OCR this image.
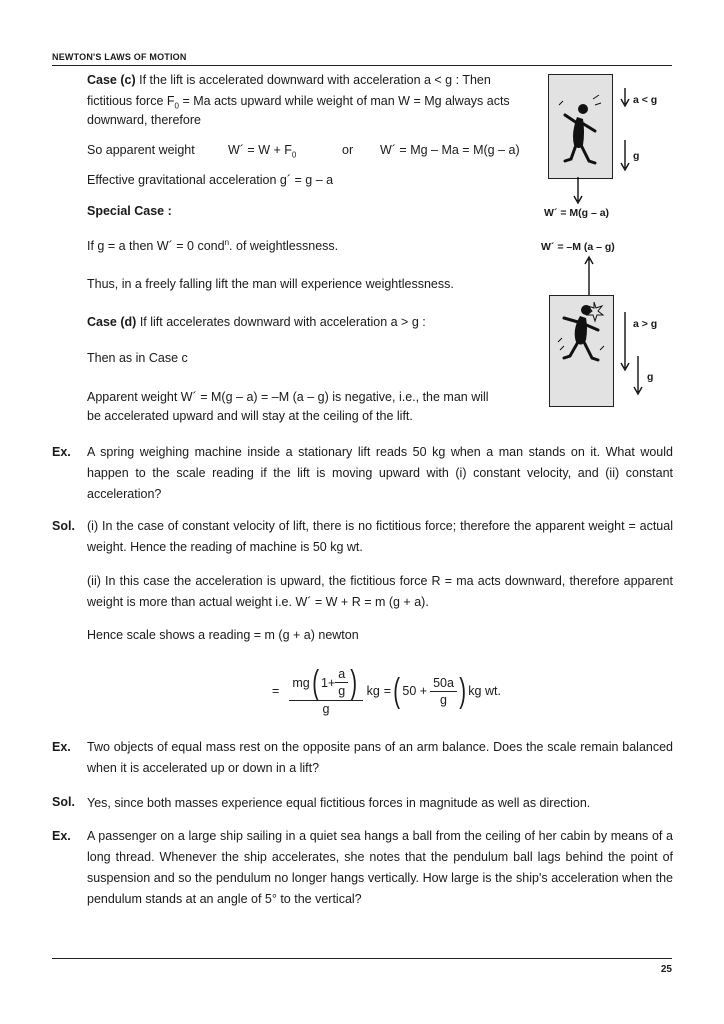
NEWTON'S LAWS OF MOTION
Case (c) If the lift is accelerated downward with acceleration a < g : Then
fictitious force $F_0 = Ma$ acts upward while weight of man W = Mg always acts
downward, therefore
So apparent weight	W´ = $W + F_0$	or W´ = Mg – Ma = M(g – a)
Effective gravitational acceleration g´ = g – a
Special Case :
If g = a then W´ = 0 cond$^n$. of weightlessness.
Thus, in a freely falling lift the man will experience weightlessness.
Case (d) If lift accelerates downward with acceleration a > g :
Then as in Case c
Apparent weight W´ = M(g – a) = –M (a – g) is negative, i.e., the man will
be accelerated upward and will stay at the ceiling of the lift.
a < g
g
W´ = M(g – a)
W´ = –M (a – g)
a > g
g
Ex. A spring weighing machine inside a stationary lift reads 50 kg when a man stands on it. What would happen to the scale reading if the lift is moving upward with (i) constant velocity, and (ii) constant acceleration?
Sol. (i) In the case of constant velocity of lift, there is no fictitious force; therefore the apparent weight = actual weight. Hence the reading of machine is 50 kg wt.
(ii) In this case the acceleration is upward, the fictitious force R = ma acts downward, therefore apparent weight is more than actual weight i.e. W´ = W + R = m (g + a).
Hence scale shows a reading = m (g + a) newton
= $\frac{mg ( 1+ \frac{a}{g} )}{g}$ kg = ( $50 + \frac{50a}{g}$ ) kg wt.
Ex. Two objects of equal mass rest on the opposite pans of an arm balance. Does the scale remain balanced when it is accelerated up or down in a lift?
Sol. Yes, since both masses experience equal fictitious forces in magnitude as well as direction.
Ex. A passenger on a large ship sailing in a quiet sea hangs a ball from the ceiling of her cabin by means of a long thread. Whenever the ship accelerates, she notes that the pendulum ball lags behind the point of suspension and so the pendulum no longer hangs vertically. How large is the ship's acceleration when the pendulum stands at an angle of 5° to the vertical?
25
